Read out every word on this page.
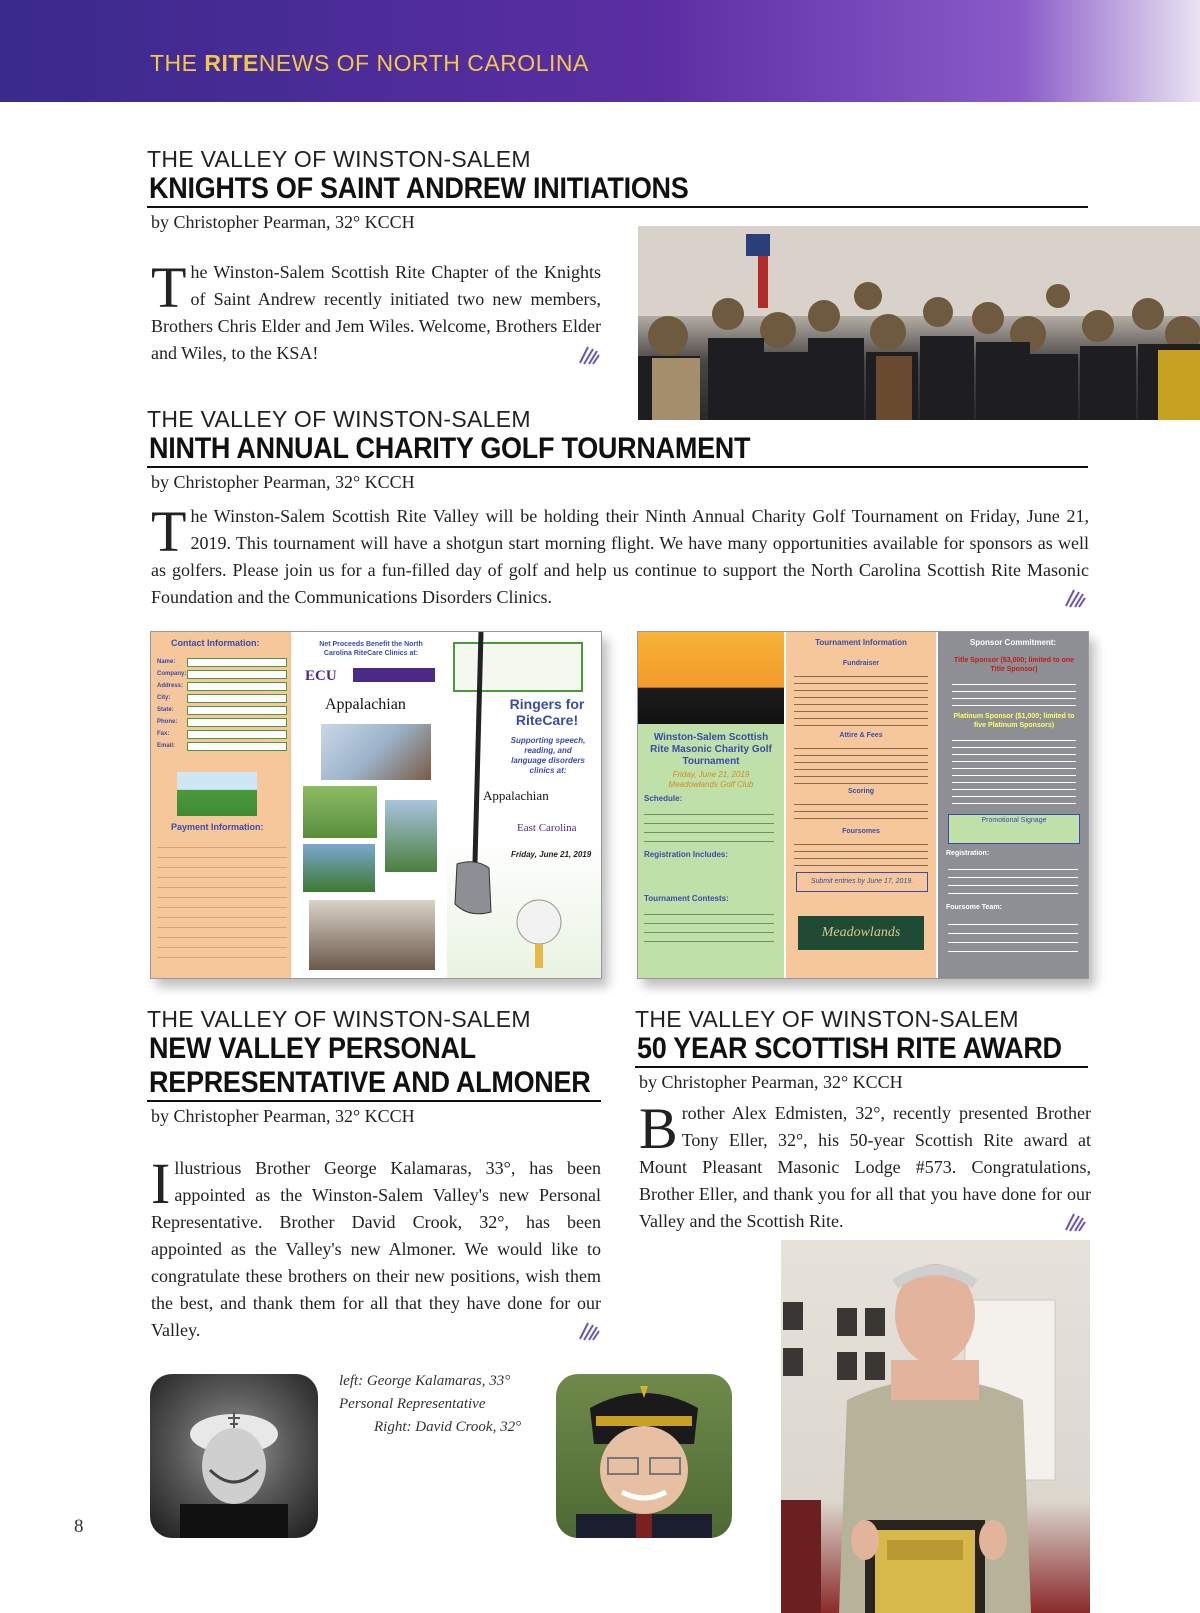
THE RITENEWS OF NORTH CAROLINA
THE VALLEY OF WINSTON-SALEM
KNIGHTS OF SAINT ANDREW INITIATIONS
by Christopher Pearman, 32° KCCH
The Winston-Salem Scottish Rite Chapter of the Knights of Saint Andrew recently initiated two new members, Brothers Chris Elder and Jem Wiles. Welcome, Brothers Elder and Wiles, to the KSA!
THE VALLEY OF WINSTON-SALEM
NINTH ANNUAL CHARITY GOLF TOURNAMENT
by Christopher Pearman, 32° KCCH
The Winston-Salem Scottish Rite Valley will be holding their Ninth Annual Charity Golf Tournament on Friday, June 21, 2019. This tournament will have a shotgun start morning flight. We have many opportunities available for sponsors as well as golfers. Please join us for a fun-filled day of golf and help us continue to support the North Carolina Scottish Rite Masonic Foundation and the Communications Disorders Clinics.
Contact Information:
Name:
Company:
Address:
City:
State:
Phone:
Fax:
Email:
Payment Information:
Net Proceeds Benefit the North Carolina RiteCare Clinics at:
ECU
Appalachian	Ringers for RiteCare!
Supporting speech, reading, and language disorders clinics at:
Appalachian
East Carolina
Friday, June 21, 2019
Winston-Salem Scottish Rite Masonic Charity Golf Tournament
Friday, June 21, 2019
Meadowlands Golf Club
Schedule:
Registration Includes:
Tournament Contests:
Tournament Information
Fundraiser
Attire & Fees
Scoring
Foursomes
Submit entries by June 17, 2019.
Meadowlands
Sponsor Commitment:
Title Sponsor ($3,000; limited to one Title Sponsor)
Platinum Sponsor ($1,000; limited to five Platinum Sponsors)
Promotional Signage
Registration:
Foursome Team:
THE VALLEY OF WINSTON-SALEM
NEW VALLEY PERSONAL
REPRESENTATIVE AND ALMONER
by Christopher Pearman, 32° KCCH
Illustrious Brother George Kalamaras, 33°, has been appointed as the Winston-Salem Valley's new Personal Representative. Brother David Crook, 32°, has been appointed as the Valley's new Almoner. We would like to congratulate these brothers on their new positions, wish them the best, and thank them for all that they have done for our Valley.
left: George Kalamaras, 33°
Personal Representative
Right: David Crook, 32°
THE VALLEY OF WINSTON-SALEM
50 YEAR SCOTTISH RITE AWARD
by Christopher Pearman, 32° KCCH
Brother Alex Edmisten, 32°, recently presented Brother Tony Eller, 32°, his 50-year Scottish Rite award at Mount Pleasant Masonic Lodge #573. Congratulations, Brother Eller, and thank you for all that you have done for our Valley and the Scottish Rite.
8
